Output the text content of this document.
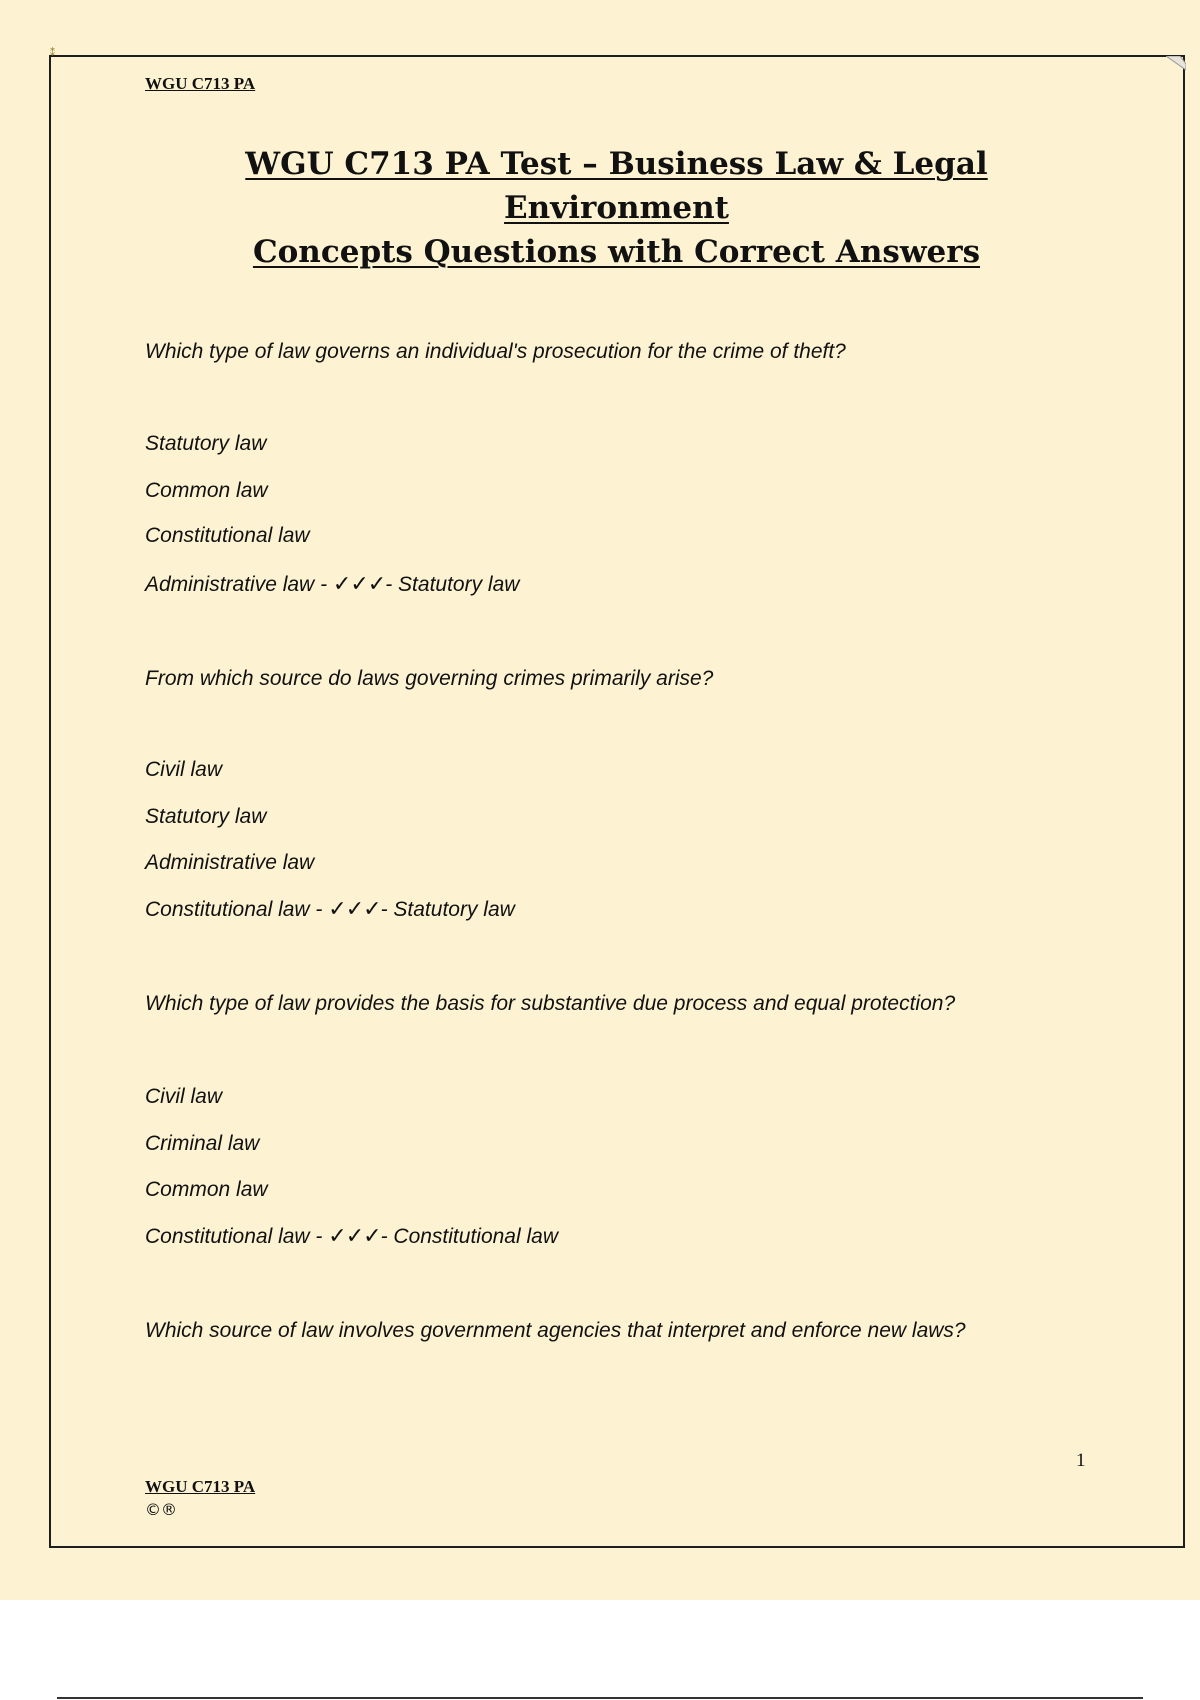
⁑
WGU C713 PA
WGU C713 PA Test – Business Law & Legal Environment
Concepts Questions with Correct Answers
Which type of law governs an individual's prosecution for the crime of theft?
Statutory law
Common law
Constitutional law
Administrative law - ✓✓✓- Statutory law
From which source do laws governing crimes primarily arise?
Civil law
Statutory law
Administrative law
Constitutional law - ✓✓✓- Statutory law
Which type of law provides the basis for substantive due process and equal protection?
Civil law
Criminal law
Common law
Constitutional law - ✓✓✓- Constitutional law
Which source of law involves government agencies that interpret and enforce new laws?
1
WGU C713 PA
©®
